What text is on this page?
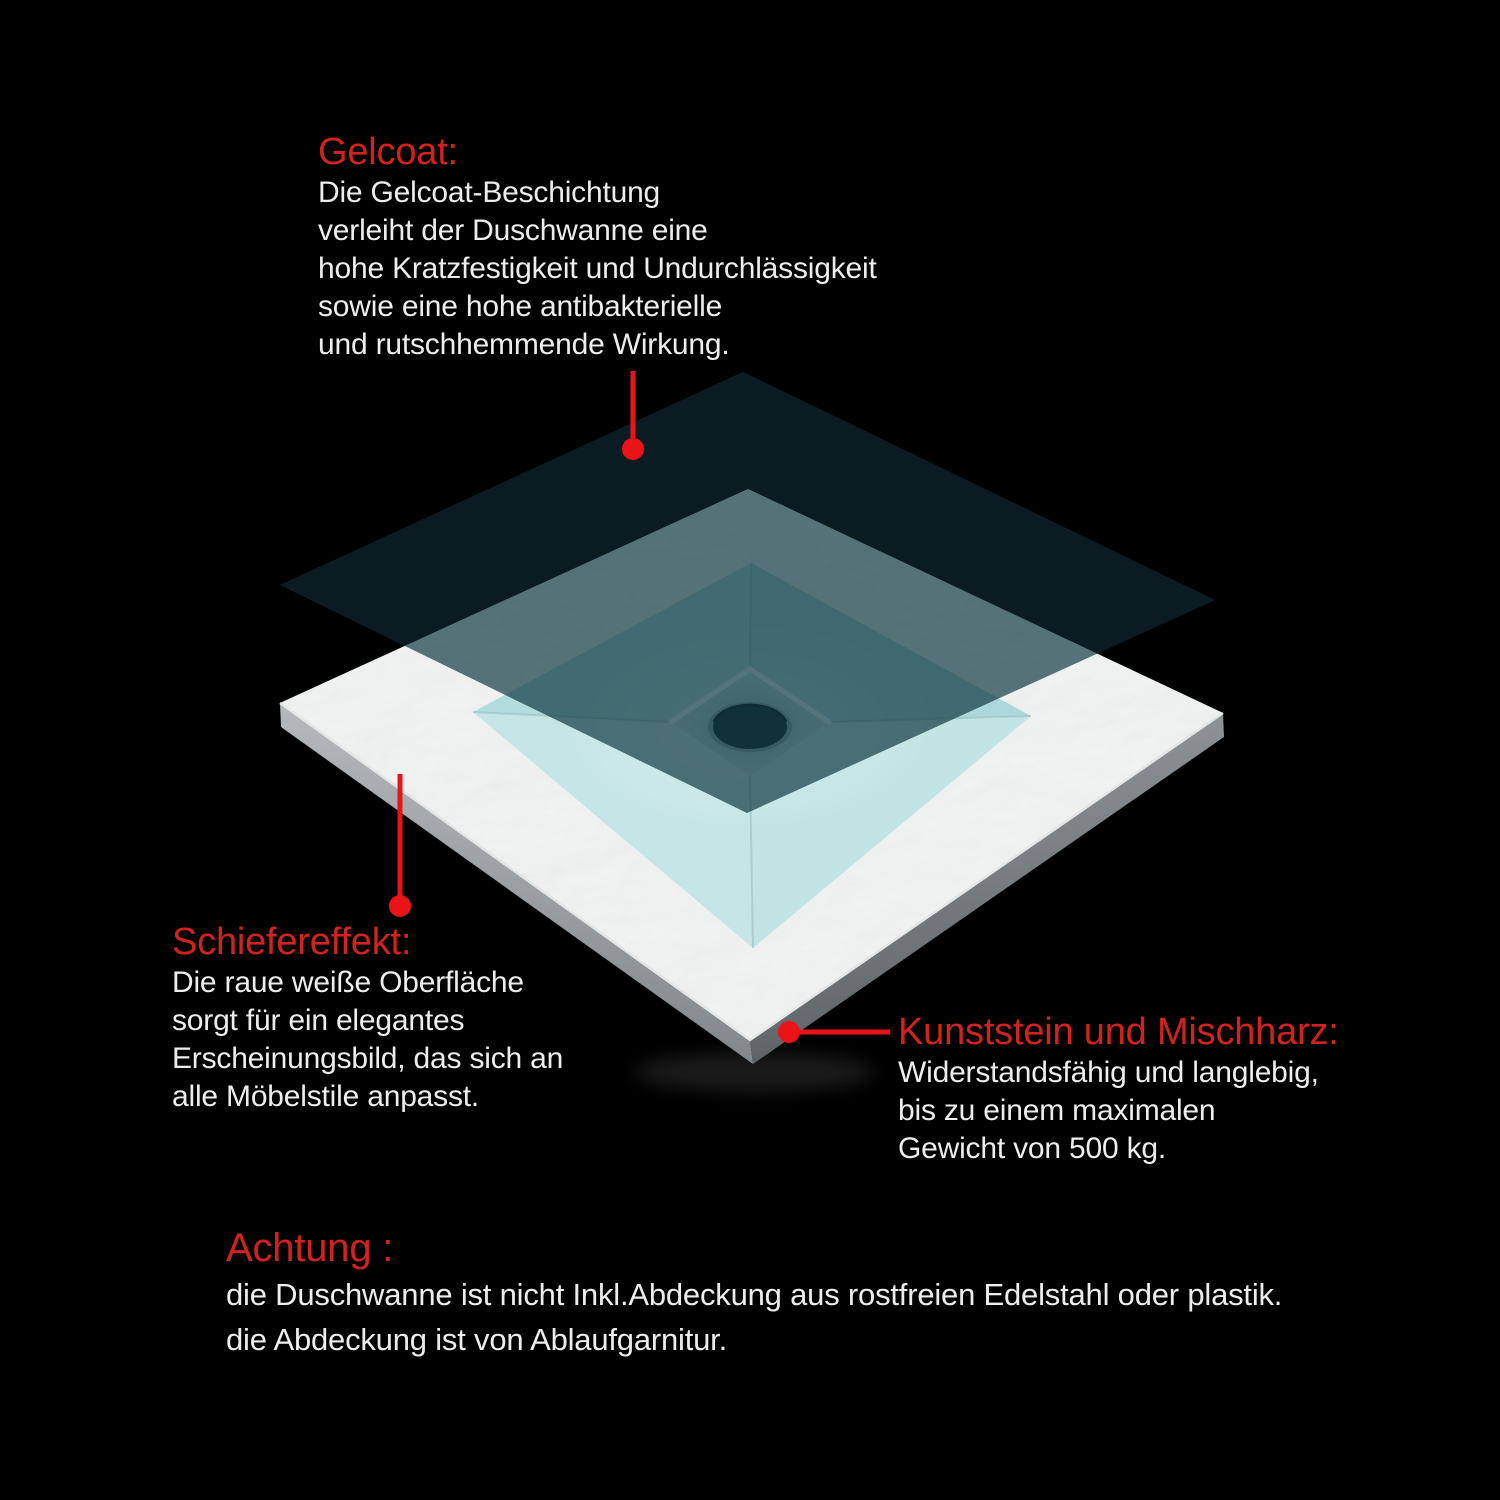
Gelcoat:
Die Gelcoat-Beschichtung
verleiht der Duschwanne eine
hohe Kratzfestigkeit und Undurchlässigkeit
sowie eine hohe antibakterielle
und rutschhemmende Wirkung.
Schiefereffekt:
Die raue weiße Oberfläche
sorgt für ein elegantes
Erscheinungsbild, das sich an
alle Möbelstile anpasst.
Kunststein und Mischharz:
Widerstandsfähig und langlebig,
bis zu einem maximalen
Gewicht von 500 kg.
Achtung :
die Duschwanne ist nicht Inkl.Abdeckung aus rostfreien Edelstahl oder plastik.
die Abdeckung ist von Ablaufgarnitur.
